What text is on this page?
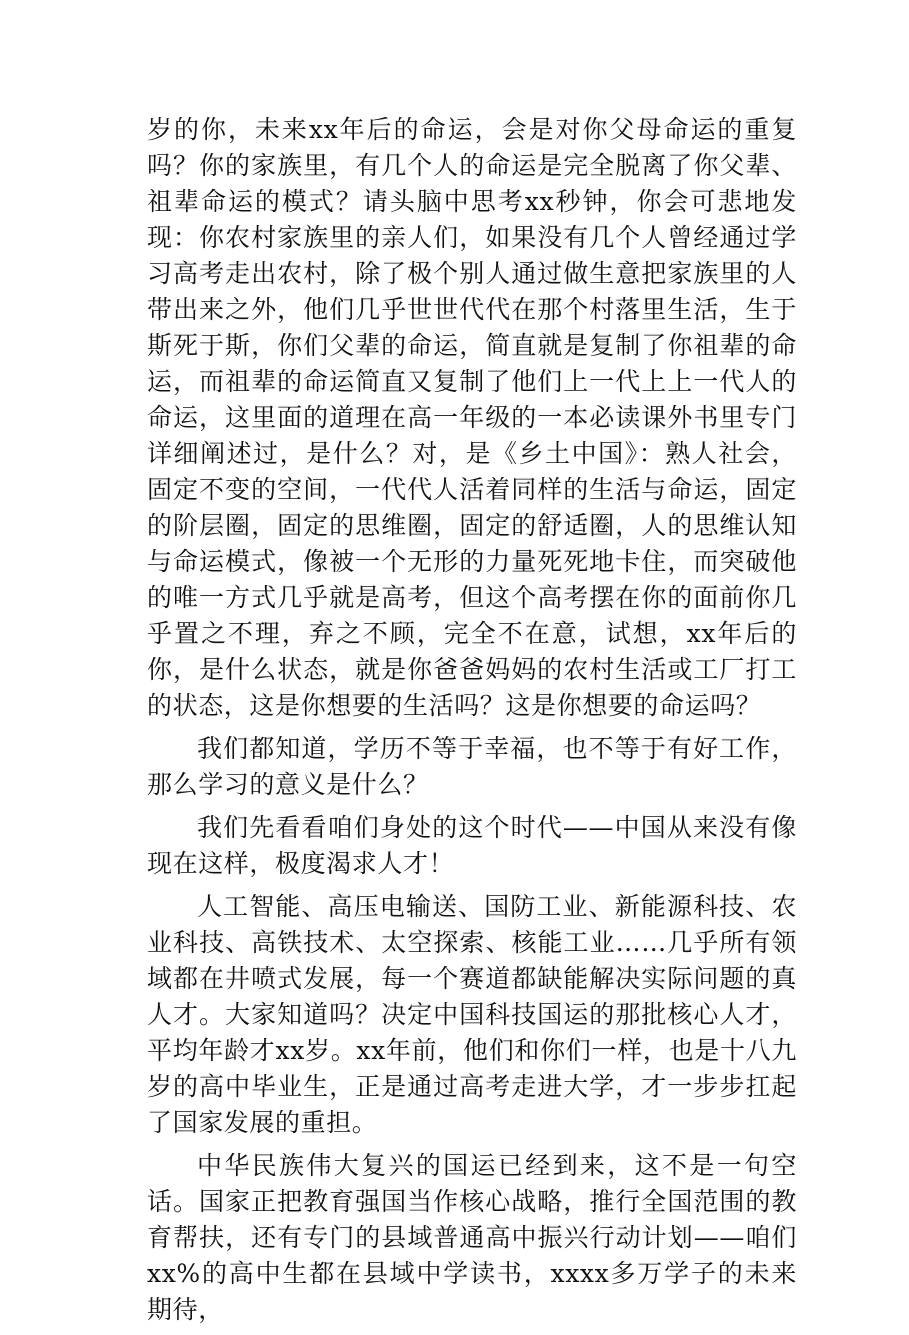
岁的你，未来xx年后的命运，会是对你父母命运的重复吗？你的家族里，有几个人的命运是完全脱离了你父辈、祖辈命运的模式？请头脑中思考xx秒钟，你会可悲地发现：你农村家族里的亲人们，如果没有几个人曾经通过学习高考走出农村，除了极个别人通过做生意把家族里的人带出来之外，他们几乎世世代代在那个村落里生活，生于斯死于斯，你们父辈的命运，简直就是复制了你祖辈的命运，而祖辈的命运简直又复制了他们上一代上上一代人的命运，这里面的道理在高一年级的一本必读课外书里专门详细阐述过，是什么？对，是《乡土中国》：熟人社会，固定不变的空间，一代代人活着同样的生活与命运，固定的阶层圈，固定的思维圈，固定的舒适圈，人的思维认知与命运模式，像被一个无形的力量死死地卡住，而突破他的唯一方式几乎就是高考，但这个高考摆在你的面前你几乎置之不理，弃之不顾，完全不在意，试想，xx年后的你，是什么状态，就是你爸爸妈妈的农村生活或工厂打工的状态，这是你想要的生活吗？这是你想要的命运吗？

我们都知道，学历不等于幸福，也不等于有好工作，那么学习的意义是什么？

我们先看看咱们身处的这个时代——中国从来没有像现在这样，极度渴求人才！

人工智能、高压电输送、国防工业、新能源科技、农业科技、高铁技术、太空探索、核能工业……几乎所有领域都在井喷式发展，每一个赛道都缺能解决实际问题的真人才。大家知道吗？决定中国科技国运的那批核心人才，平均年龄才xx岁。xx年前，他们和你们一样，也是十八九岁的高中毕业生，正是通过高考走进大学，才一步步扛起了国家发展的重担。

中华民族伟大复兴的国运已经到来，这不是一句空话。国家正把教育强国当作核心战略，推行全国范围的教育帮扶，还有专门的县域普通高中振兴行动计划——咱们xx%的高中生都在县域中学读书，xxxx多万学子的未来期待，
